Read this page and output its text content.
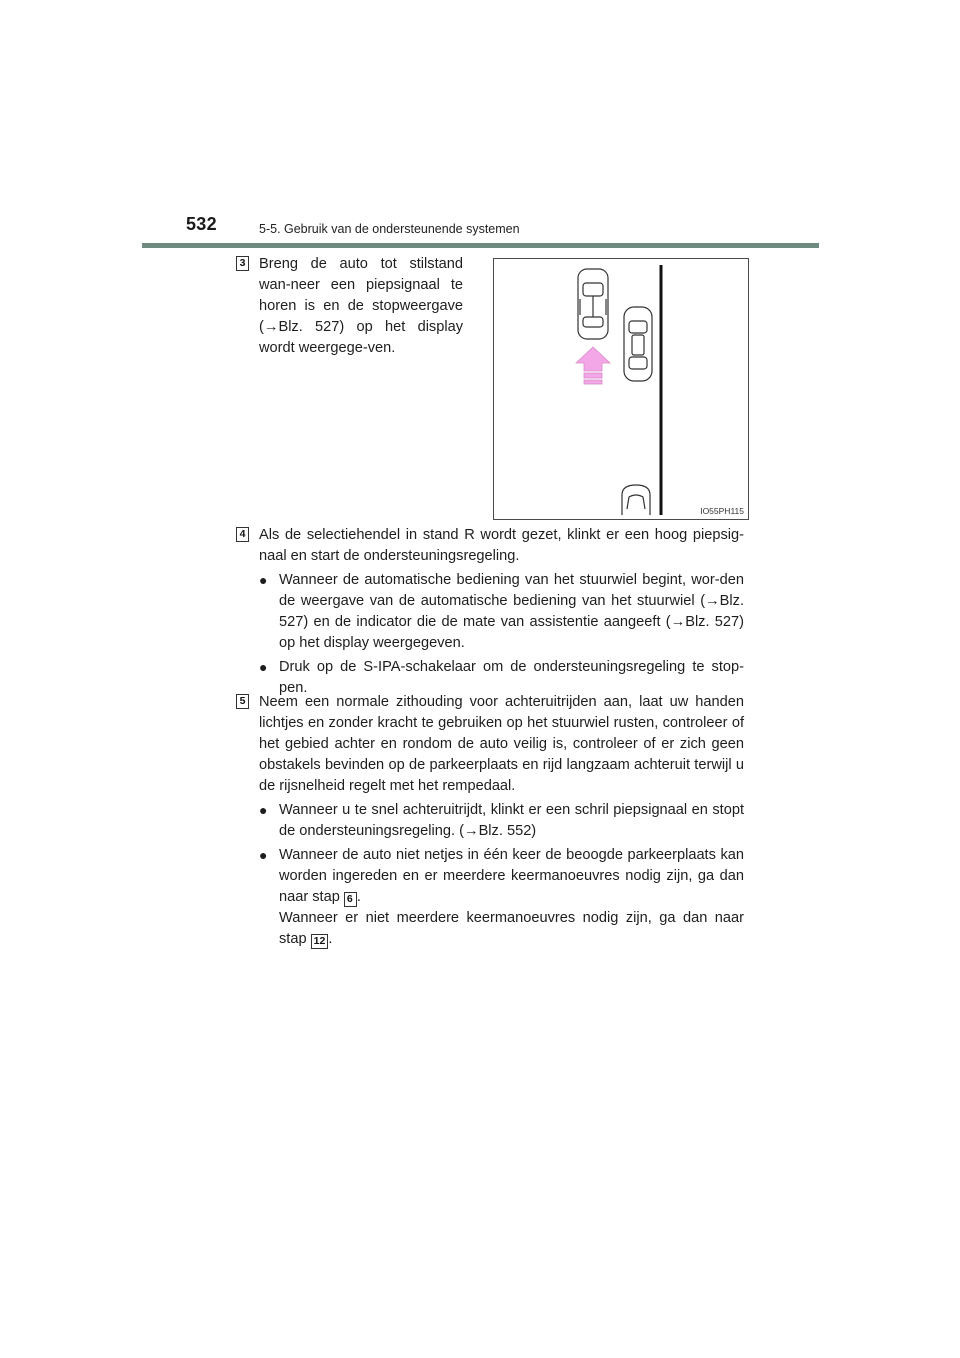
532	5-5. Gebruik van de ondersteunende systemen
3 Breng de auto tot stilstand wan-neer een piepsignaal te horen is en de stopweergave (→Blz. 527) op het display wordt weergege-ven.

IO55PH115
4 Als de selectiehendel in stand R wordt gezet, klinkt er een hoog piepsig-naal en start de ondersteuningsregeling.

● Wanneer de automatische bediening van het stuurwiel begint, wor-den de weergave van de automatische bediening van het stuurwiel (→Blz. 527) en de indicator die de mate van assistentie aangeeft (→Blz. 527) op het display weergegeven.

● Druk op de S-IPA-schakelaar om de ondersteuningsregeling te stop-pen.

5 Neem een normale zithouding voor achteruitrijden aan, laat uw handen lichtjes en zonder kracht te gebruiken op het stuurwiel rusten, controleer of het gebied achter en rondom de auto veilig is, controleer of er zich geen obstakels bevinden op de parkeerplaats en rijd langzaam achteruit terwijl u de rijsnelheid regelt met het rempedaal.

● Wanneer u te snel achteruitrijdt, klinkt er een schril piepsignaal en stopt de ondersteuningsregeling. (→Blz. 552)

● Wanneer de auto niet netjes in één keer de beoogde parkeerplaats kan worden ingereden en er meerdere keermanoeuvres nodig zijn, ga dan naar stap 6 .

Wanneer er niet meerdere keermanoeuvres nodig zijn, ga dan naar stap 12 .
